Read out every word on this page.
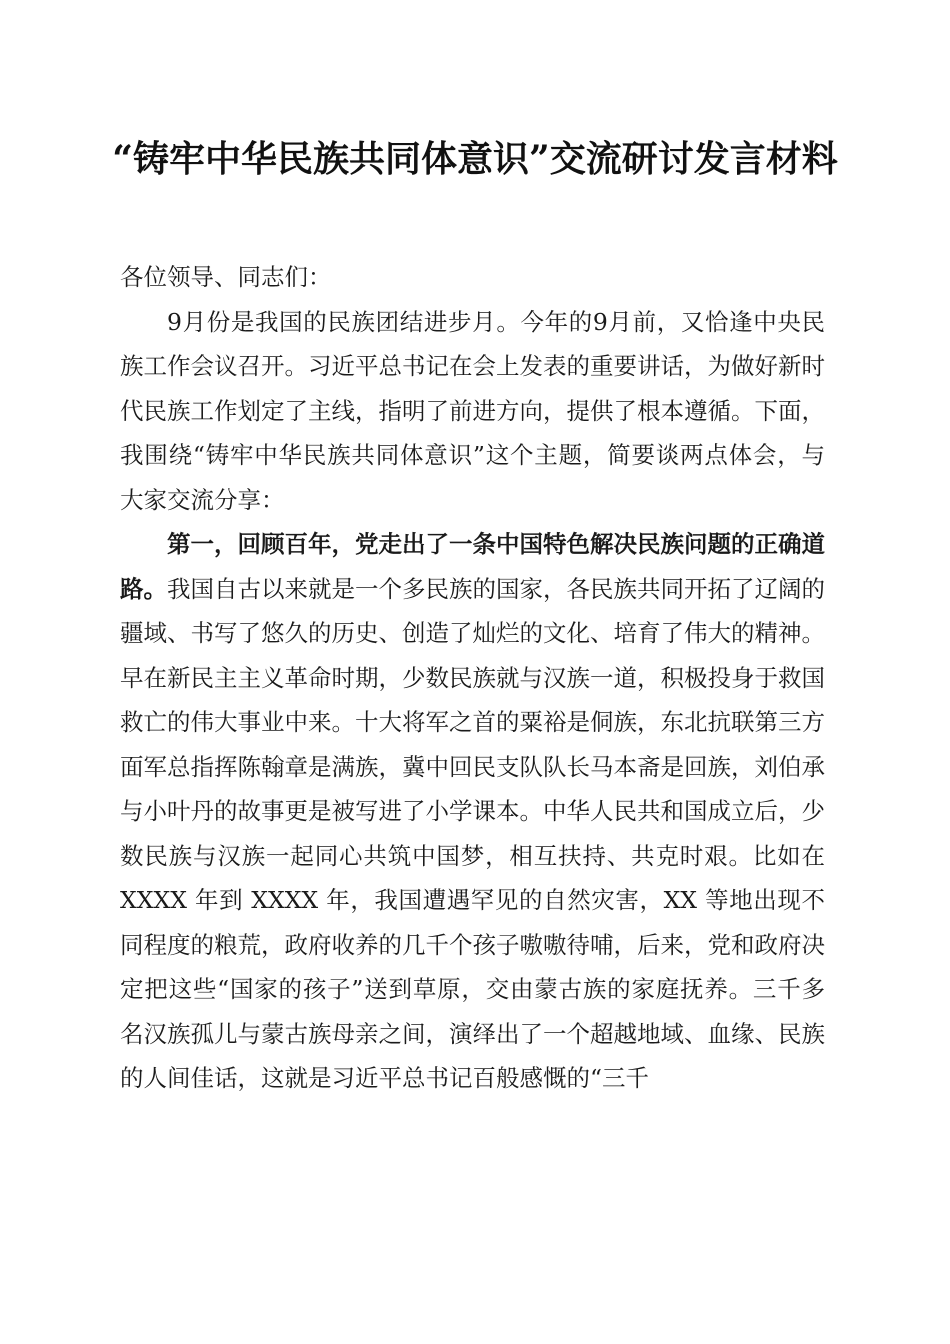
“铸牢中华民族共同体意识”交流研讨发言材料

各位领导、同志们：

9月份是我国的民族团结进步月。今年的9月前，又恰逢中央民族工作会议召开。习近平总书记在会上发表的重要讲话，为做好新时代民族工作划定了主线，指明了前进方向，提供了根本遵循。下面，我围绕“铸牢中华民族共同体意识”这个主题，简要谈两点体会，与大家交流分享：

第一，回顾百年，党走出了一条中国特色解决民族问题的正确道路。我国自古以来就是一个多民族的国家，各民族共同开拓了辽阔的疆域、书写了悠久的历史、创造了灿烂的文化、培育了伟大的精神。早在新民主主义革命时期，少数民族就与汉族一道，积极投身于救国救亡的伟大事业中来。十大将军之首的粟裕是侗族，东北抗联第三方面军总指挥陈翰章是满族，冀中回民支队队长马本斋是回族，刘伯承与小叶丹的故事更是被写进了小学课本。中华人民共和国成立后，少数民族与汉族一起同心共筑中国梦，相互扶持、共克时艰。比如在 XXXX 年到 XXXX 年，我国遭遇罕见的自然灾害，XX 等地出现不同程度的粮荒，政府收养的几千个孩子嗷嗷待哺，后来，党和政府决定把这些“国家的孩子”送到草原，交由蒙古族的家庭抚养。三千多名汉族孤儿与蒙古族母亲之间，演绎出了一个超越地域、血缘、民族的人间佳话，这就是习近平总书记百般感慨的“三千
